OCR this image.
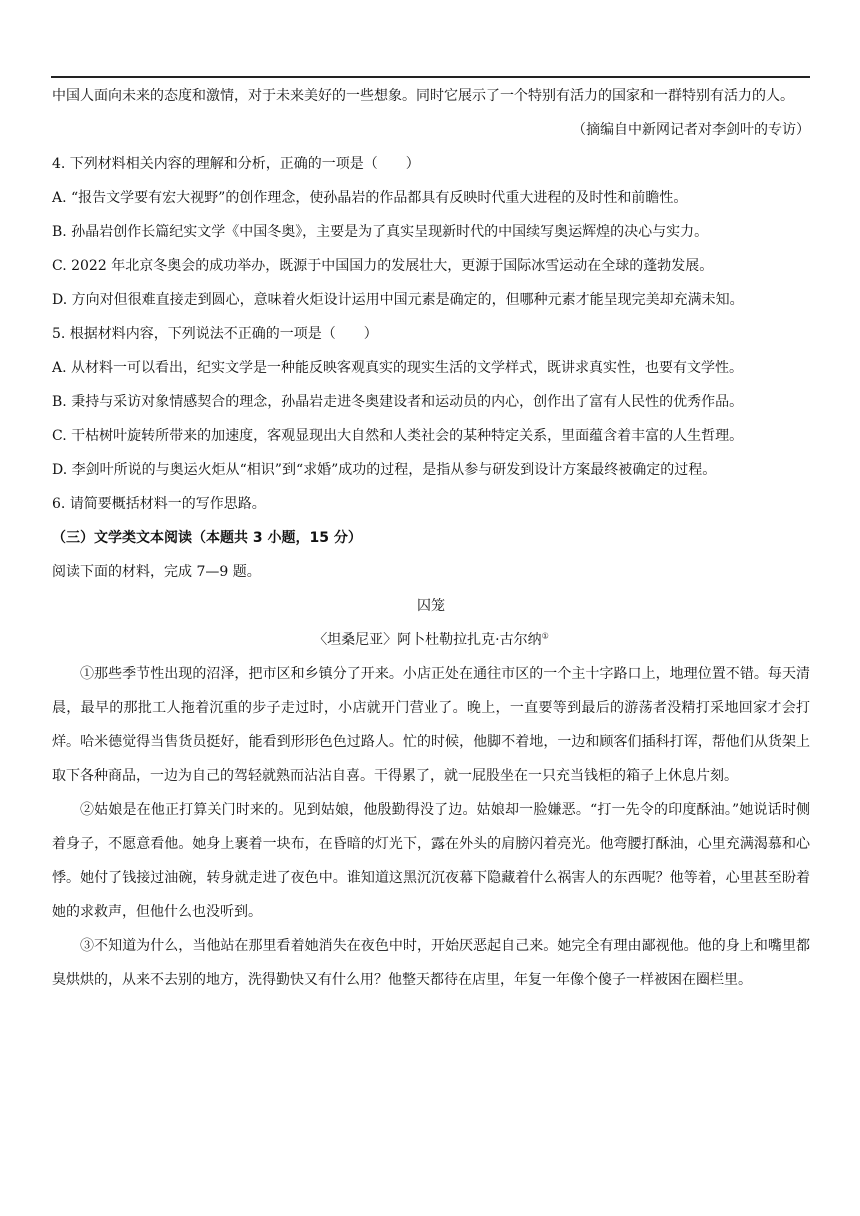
中国人面向未来的态度和激情，对于未来美好的一些想象。同时它展示了一个特别有活力的国家和一群特别有活力的人。
（摘编自中新网记者对李剑叶的专访）
4. 下列材料相关内容的理解和分析，正确的一项是（　　）
A. “报告文学要有宏大视野”的创作理念，使孙晶岩的作品都具有反映时代重大进程的及时性和前瞻性。
B. 孙晶岩创作长篇纪实文学《中国冬奥》，主要是为了真实呈现新时代的中国续写奥运辉煌的决心与实力。
C. 2022 年北京冬奥会的成功举办，既源于中国国力的发展壮大，更源于国际冰雪运动在全球的蓬勃发展。
D. 方向对但很难直接走到圆心，意味着火炬设计运用中国元素是确定的，但哪种元素才能呈现完美却充满未知。
5. 根据材料内容，下列说法不正确的一项是（　　）
A. 从材料一可以看出，纪实文学是一种能反映客观真实的现实生活的文学样式，既讲求真实性，也要有文学性。
B. 秉持与采访对象情感契合的理念，孙晶岩走进冬奥建设者和运动员的内心，创作出了富有人民性的优秀作品。
C. 干枯树叶旋转所带来的加速度，客观显现出大自然和人类社会的某种特定关系，里面蕴含着丰富的人生哲理。
D. 李剑叶所说的与奥运火炬从“相识”到“求婚”成功的过程，是指从参与研发到设计方案最终被确定的过程。
6. 请简要概括材料一的写作思路。
（三）文学类文本阅读（本题共 3 小题，15 分）
阅读下面的材料，完成 7—9 题。
囚笼
〈坦桑尼亚〉阿卜杜勒拉扎克·古尔纳①
①那些季节性出现的沼泽，把市区和乡镇分了开来。小店正处在通往市区的一个主十字路口上，地理位置不错。每天清晨，最早的那批工人拖着沉重的步子走过时，小店就开门营业了。晚上，一直要等到最后的游荡者没精打采地回家才会打烊。哈米德觉得当售货员挺好，能看到形形色色过路人。忙的时候，他脚不着地，一边和顾客们插科打诨，帮他们从货架上取下各种商品，一边为自己的驾轻就熟而沾沾自喜。干得累了，就一屁股坐在一只充当钱柜的箱子上休息片刻。
②姑娘是在他正打算关门时来的。见到姑娘，他殷勤得没了边。姑娘却一脸嫌恶。“打一先令的印度酥油。”她说话时侧着身子，不愿意看他。她身上裹着一块布，在昏暗的灯光下，露在外头的肩膀闪着亮光。他弯腰打酥油，心里充满渴慕和心悸。她付了钱接过油碗，转身就走进了夜色中。谁知道这黑沉沉夜幕下隐藏着什么祸害人的东西呢？他等着，心里甚至盼着她的求救声，但他什么也没听到。
③不知道为什么，当他站在那里看着她消失在夜色中时，开始厌恶起自己来。她完全有理由鄙视他。他的身上和嘴里都臭烘烘的，从来不去别的地方，洗得勤快又有什么用？他整天都待在店里，年复一年像个傻子一样被困在圈栏里。
